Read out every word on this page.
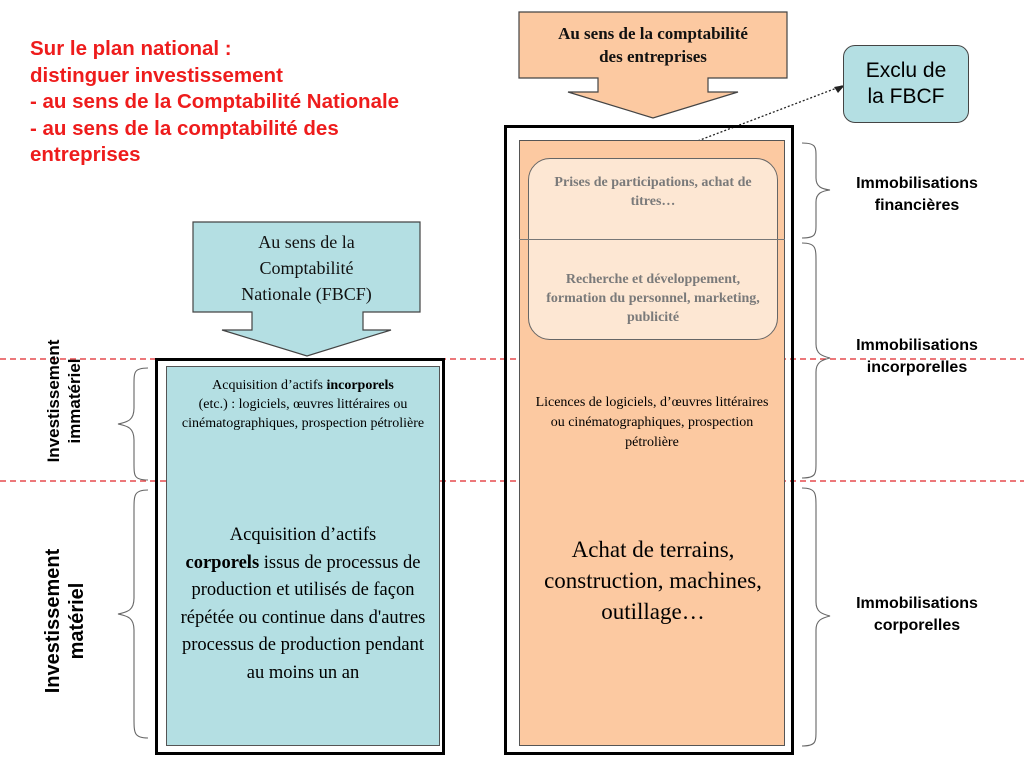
Sur le plan national :
distinguer investissement
- au sens de la Comptabilité Nationale
- au sens de la comptabilité des
entreprises
Au sens de la comptabilité
des entreprises
Au sens de la
Comptabilité
Nationale (FBCF)
Exclu de
la FBCF
Acquisition d’actifs incorporels
(etc.) : logiciels, œuvres littéraires ou cinématographiques, prospection pétrolière
Acquisition d’actifs
corporels issus de processus de production et utilisés de façon répétée ou continue dans d'autres processus de production pendant au moins un an
Prises de participations, achat de titres…
Recherche et développement, formation du personnel, marketing, publicité
Licences de logiciels, d’œuvres littéraires ou cinématographiques, prospection pétrolière
Achat de terrains, construction, machines, outillage…
Immobilisations
financières
Immobilisations
incorporelles
Immobilisations
corporelles
Investissement immatériel
Investissement matériel
